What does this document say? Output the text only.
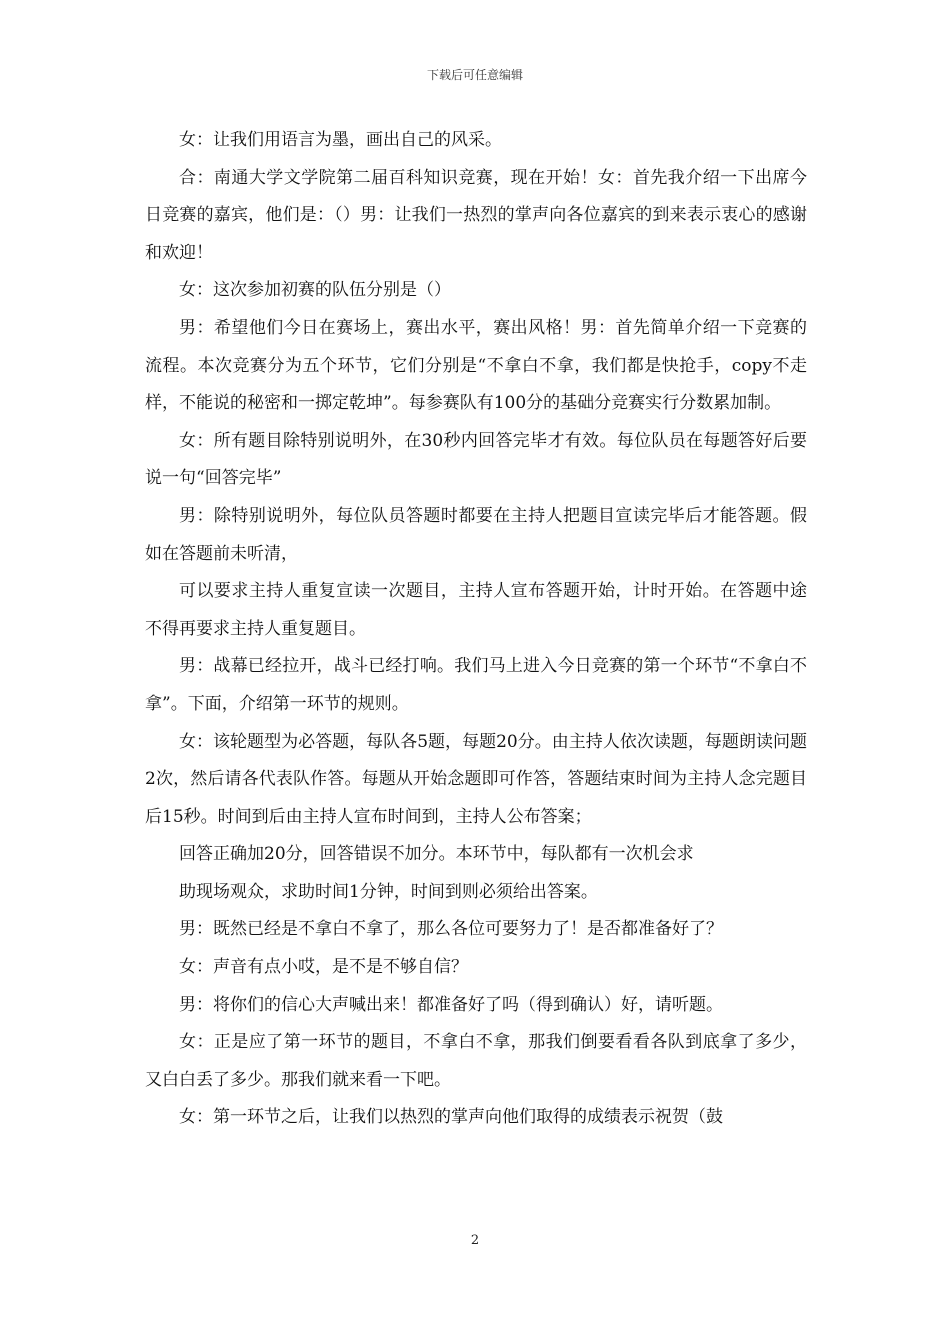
下载后可任意编辑

女：让我们用语言为墨，画出自己的风采。

合：南通大学文学院第二届百科知识竞赛，现在开始！女：首先我介绍一下出席今日竞赛的嘉宾，他们是：（）男：让我们一热烈的掌声向各位嘉宾的到来表示衷心的感谢和欢迎！

女：这次参加初赛的队伍分别是（）

男：希望他们今日在赛场上，赛出水平，赛出风格！男：首先简单介绍一下竞赛的流程。本次竞赛分为五个环节，它们分别是“不拿白不拿，我们都是快抢手，copy不走样，不能说的秘密和一掷定乾坤”。每参赛队有100分的基础分竞赛实行分数累加制。

女：所有题目除特别说明外，在30秒内回答完毕才有效。每位队员在每题答好后要说一句“回答完毕”

男：除特别说明外，每位队员答题时都要在主持人把题目宣读完毕后才能答题。假如在答题前未听清，

可以要求主持人重复宣读一次题目，主持人宣布答题开始，计时开始。在答题中途不得再要求主持人重复题目。

男：战幕已经拉开，战斗已经打响。我们马上进入今日竞赛的第一个环节“不拿白不拿”。下面，介绍第一环节的规则。

女：该轮题型为必答题，每队各5题，每题20分。由主持人依次读题，每题朗读问题2次，然后请各代表队作答。每题从开始念题即可作答，答题结束时间为主持人念完题目后15秒。时间到后由主持人宣布时间到，主持人公布答案；

回答正确加20分，回答错误不加分。本环节中，每队都有一次机会求

助现场观众，求助时间1分钟，时间到则必须给出答案。

男：既然已经是不拿白不拿了，那么各位可要努力了！是否都准备好了？

女：声音有点小哎，是不是不够自信？

男：将你们的信心大声喊出来！都准备好了吗（得到确认）好，请听题。

女：正是应了第一环节的题目，不拿白不拿，那我们倒要看看各队到底拿了多少，又白白丢了多少。那我们就来看一下吧。

女：第一环节之后，让我们以热烈的掌声向他们取得的成绩表示祝贺（鼓

2
